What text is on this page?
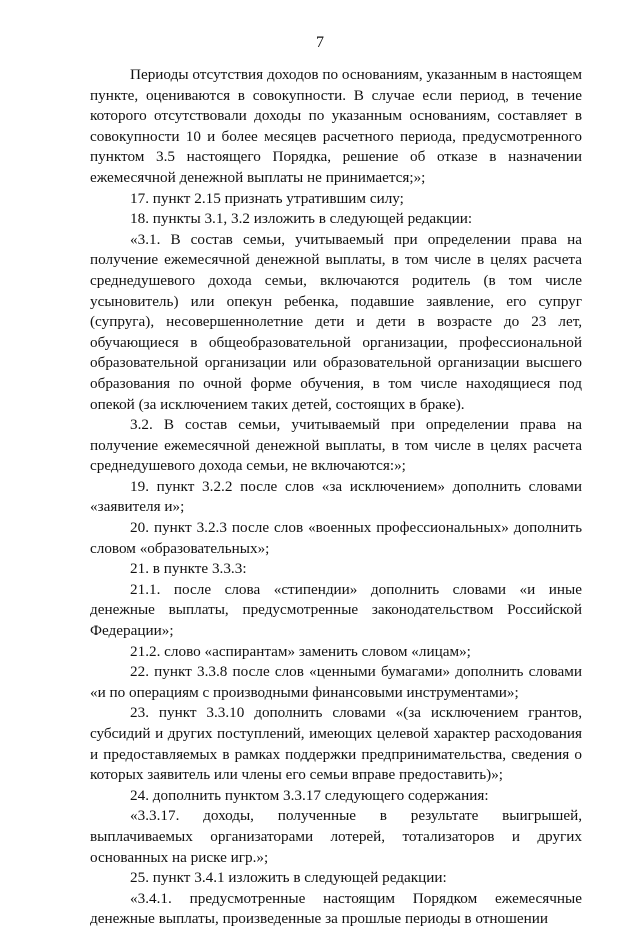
7

Периоды отсутствия доходов по основаниям, указанным в настоящем пункте, оцениваются в совокупности. В случае если период, в течение которого отсутствовали доходы по указанным основаниям, составляет в совокупности 10 и более месяцев расчетного периода, предусмотренного пунктом 3.5 настоящего Порядка, решение об отказе в назначении ежемесячной денежной выплаты не принимается;»;

17. пункт 2.15 признать утратившим силу;

18. пункты 3.1, 3.2 изложить в следующей редакции:

«3.1. В состав семьи, учитываемый при определении права на получение ежемесячной денежной выплаты, в том числе в целях расчета среднедушевого дохода семьи, включаются родитель (в том числе усыновитель) или опекун ребенка, подавшие заявление, его супруг (супруга), несовершеннолетние дети и дети в возрасте до 23 лет, обучающиеся в общеобразовательной организации, профессиональной образовательной организации или образовательной организации высшего образования по очной форме обучения, в том числе находящиеся под опекой (за исключением таких детей, состоящих в браке).

3.2. В состав семьи, учитываемый при определении права на получение ежемесячной денежной выплаты, в том числе в целях расчета среднедушевого дохода семьи, не включаются:»;

19. пункт 3.2.2 после слов «за исключением» дополнить словами «заявителя и»;

20. пункт 3.2.3 после слов «военных профессиональных» дополнить словом «образовательных»;

21. в пункте 3.3.3:

21.1. после слова «стипендии» дополнить словами «и иные денежные выплаты, предусмотренные законодательством Российской Федерации»;

21.2. слово «аспирантам» заменить словом «лицам»;

22. пункт 3.3.8 после слов «ценными бумагами» дополнить словами «и по операциям с производными финансовыми инструментами»;

23. пункт 3.3.10 дополнить словами «(за исключением грантов, субсидий и других поступлений, имеющих целевой характер расходования и предоставляемых в рамках поддержки предпринимательства, сведения о которых заявитель или члены его семьи вправе предоставить)»;

24. дополнить пунктом 3.3.17 следующего содержания:

«3.3.17. доходы, полученные в результате выигрышей, выплачиваемых организаторами лотерей, тотализаторов и других основанных на риске игр.»;

25. пункт 3.4.1 изложить в следующей редакции:

«3.4.1. предусмотренные настоящим Порядком ежемесячные денежные выплаты, произведенные за прошлые периоды в отношении
